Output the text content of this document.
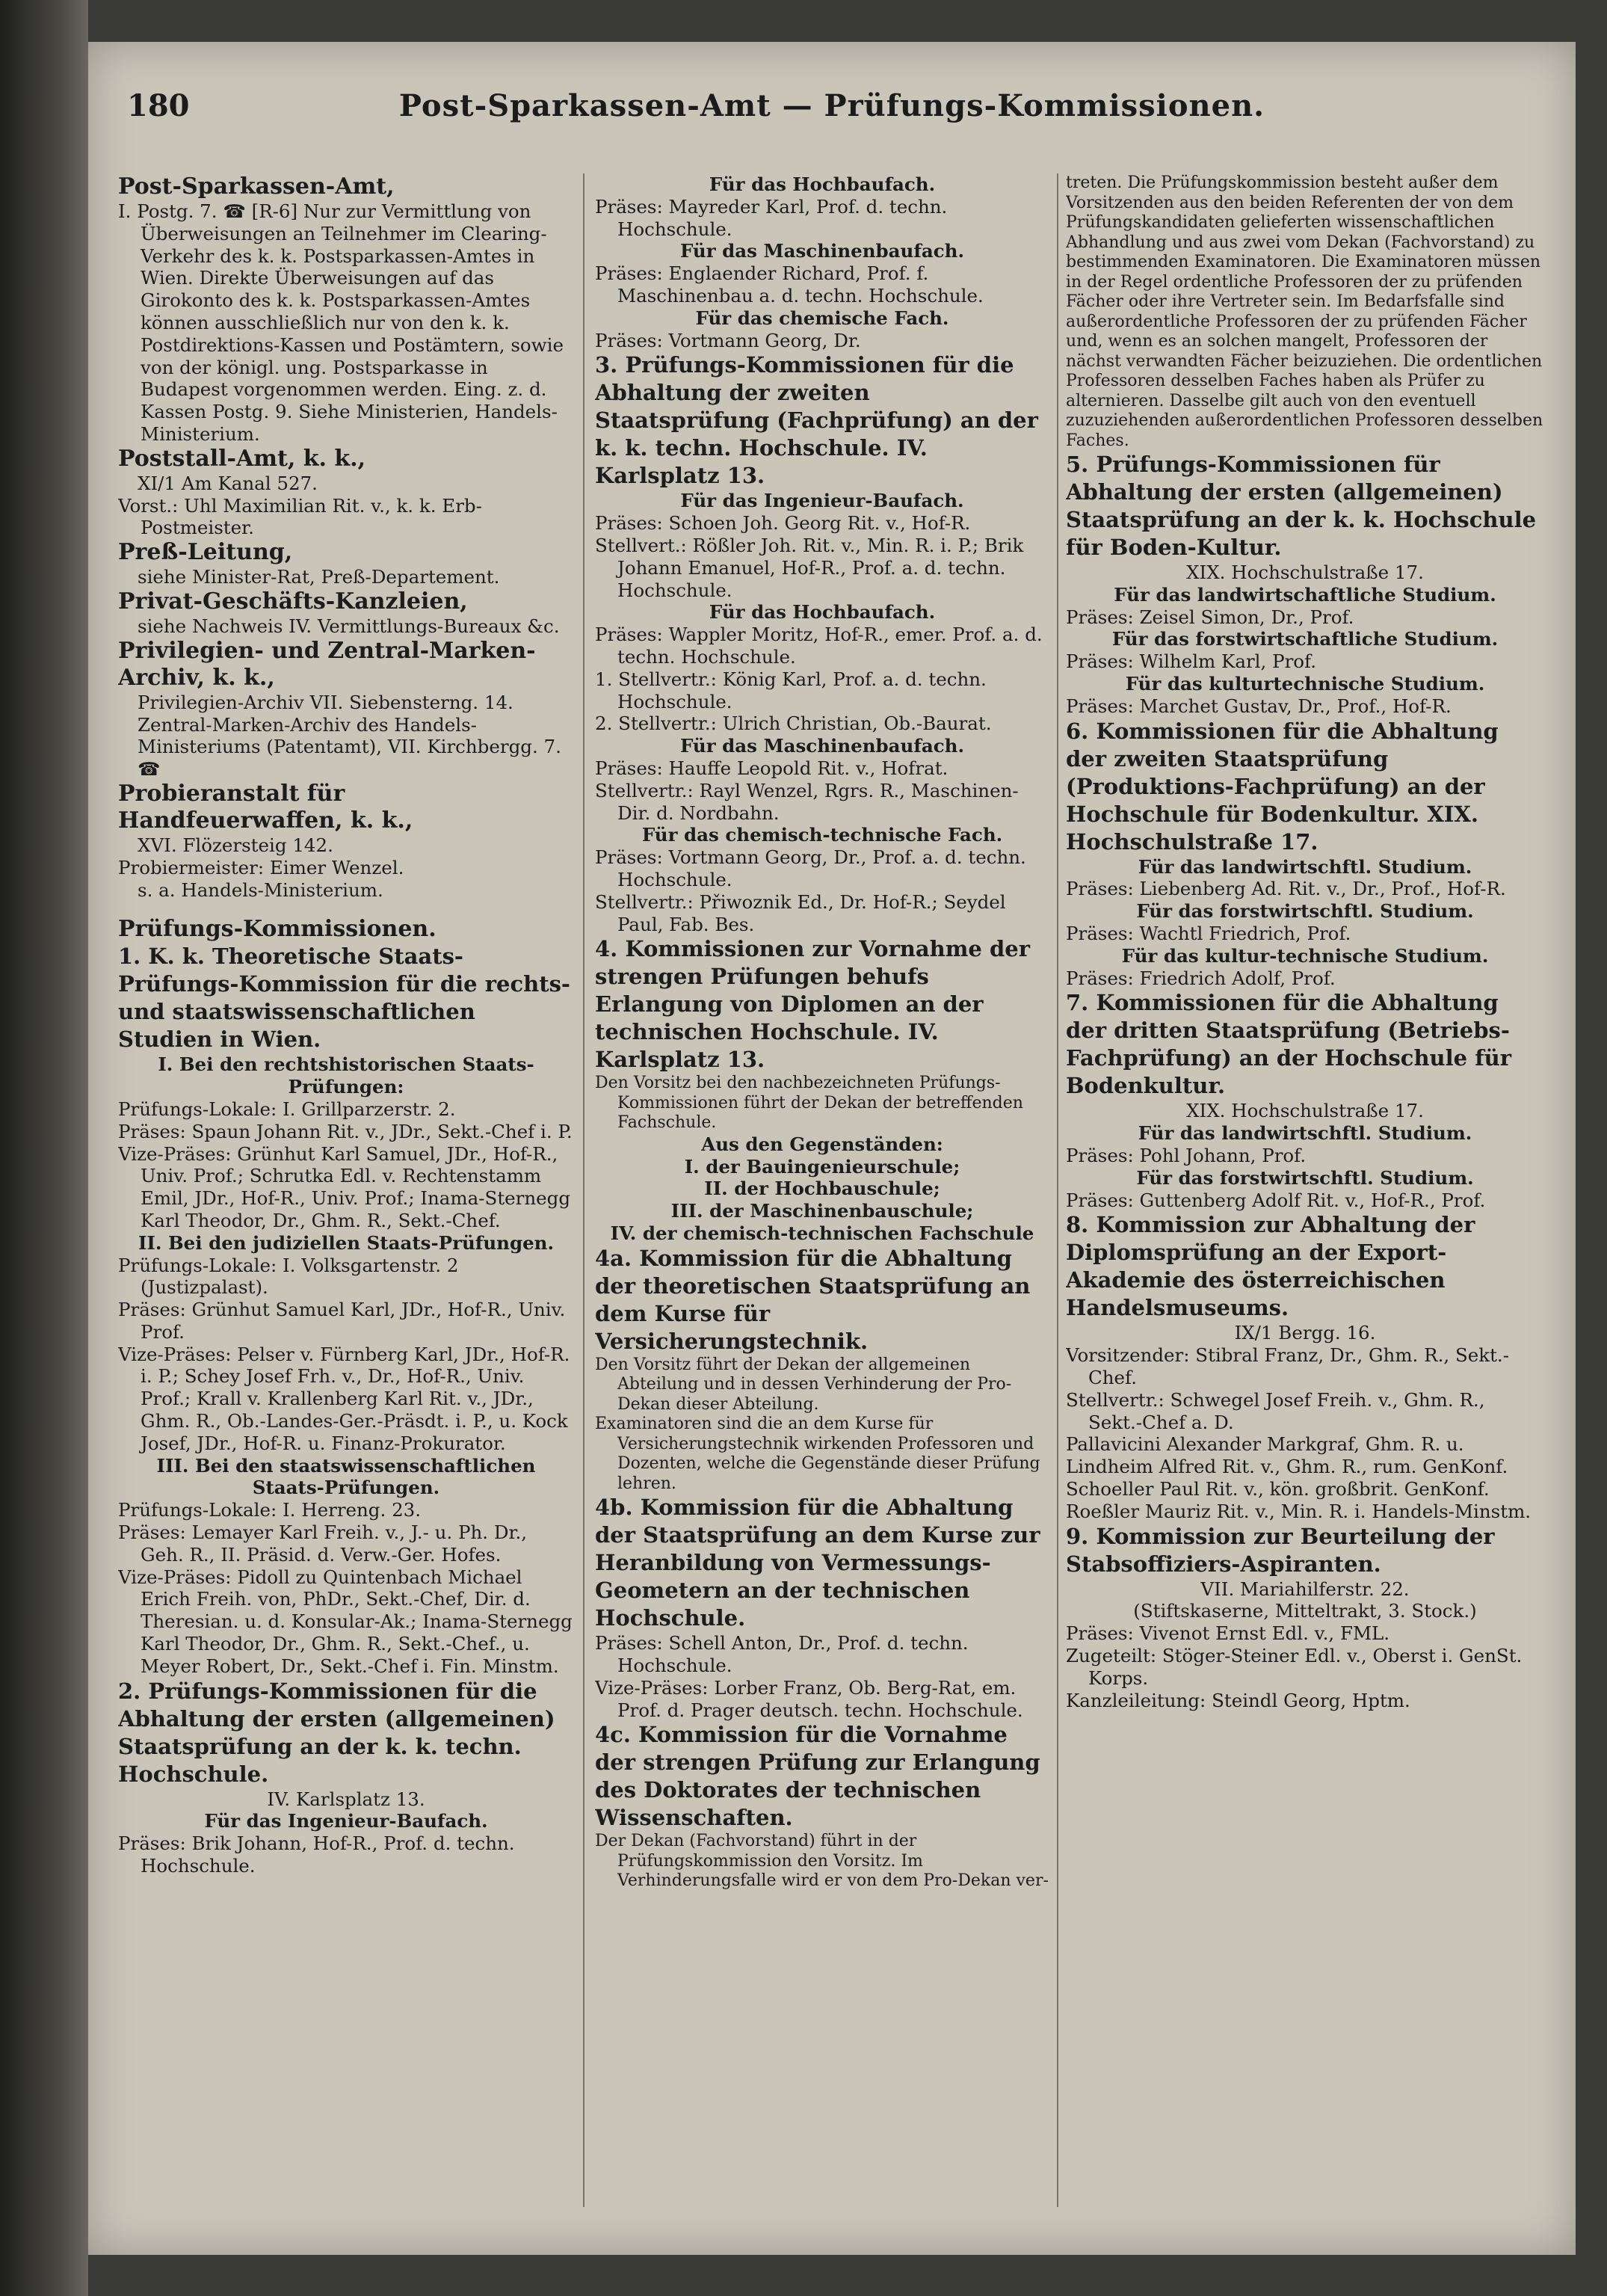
180	Post-Sparkassen-Amt — Prüfungs-Kommissionen.

Post-Sparkassen-Amt,

I. Postg. 7. ☎ [R-6] Nur zur Vermittlung von Überweisungen an Teilnehmer im Clearing-Verkehr des k. k. Postsparkassen-Amtes in Wien. Direkte Überweisungen auf das Girokonto des k. k. Postsparkassen-Amtes können ausschließlich nur von den k. k. Postdirektions-Kassen und Postämtern, sowie von der königl. ung. Postsparkasse in Budapest vorgenommen werden. Eing. z. d. Kassen Postg. 9. Siehe Ministerien, Handels-Ministerium.

Poststall-Amt, k. k.,

XI/1 Am Kanal 527.

Vorst.: Uhl Maximilian Rit. v., k. k. Erb-Postmeister.

Preß-Leitung,

siehe Minister-Rat, Preß-Departement.

Privat-Geschäfts-Kanzleien,

siehe Nachweis IV. Vermittlungs-Bureaux &c.

Privilegien- und Zentral-Marken-Archiv, k. k.,

Privilegien-Archiv VII. Siebensterng. 14.

Zentral-Marken-Archiv des Handels-Ministeriums (Patentamt), VII. Kirchbergg. 7. ☎

Probieranstalt für Handfeuerwaffen, k. k.,

XVI. Flözersteig 142.

Probiermeister: Eimer Wenzel.

s. a. Handels-Ministerium.

Prüfungs-Kommissionen.

1. K. k. Theoretische Staats-Prüfungs-Kommission für die rechts- und staatswissenschaftlichen Studien in Wien.

I. Bei den rechtshistorischen Staats-Prüfungen:

Prüfungs-Lokale: I. Grillparzerstr. 2.

Präses: Spaun Johann Rit. v., JDr., Sekt.-Chef i. P.

Vize-Präses: Grünhut Karl Samuel, JDr., Hof-R., Univ. Prof.; Schrutka Edl. v. Rechtenstamm Emil, JDr., Hof-R., Univ. Prof.; Inama-Sternegg Karl Theodor, Dr., Ghm. R., Sekt.-Chef.

II. Bei den judiziellen Staats-Prüfungen.

Prüfungs-Lokale: I. Volksgartenstr. 2 (Justizpalast).

Präses: Grünhut Samuel Karl, JDr., Hof-R., Univ. Prof.

Vize-Präses: Pelser v. Fürnberg Karl, JDr., Hof-R. i. P.; Schey Josef Frh. v., Dr., Hof-R., Univ. Prof.; Krall v. Krallenberg Karl Rit. v., JDr., Ghm. R., Ob.-Landes-Ger.-Präsdt. i. P., u. Kock Josef, JDr., Hof-R. u. Finanz-Prokurator.

III. Bei den staatswissenschaftlichen Staats-Prüfungen.

Prüfungs-Lokale: I. Herreng. 23.

Präses: Lemayer Karl Freih. v., J.- u. Ph. Dr., Geh. R., II. Präsid. d. Verw.-Ger. Hofes.

Vize-Präses: Pidoll zu Quintenbach Michael Erich Freih. von, PhDr., Sekt.-Chef, Dir. d. Theresian. u. d. Konsular-Ak.; Inama-Sternegg Karl Theodor, Dr., Ghm. R., Sekt.-Chef., u. Meyer Robert, Dr., Sekt.-Chef i. Fin. Minstm.

2. Prüfungs-Kommissionen für die Abhaltung der ersten (allgemeinen) Staatsprüfung an der k. k. techn. Hochschule.

IV. Karlsplatz 13.

Für das Ingenieur-Baufach.

Präses: Brik Johann, Hof-R., Prof. d. techn. Hochschule.

Für das Hochbaufach.

Präses: Mayreder Karl, Prof. d. techn. Hochschule.

Für das Maschinenbaufach.

Präses: Englaender Richard, Prof. f. Maschinenbau a. d. techn. Hochschule.

Für das chemische Fach.

Präses: Vortmann Georg, Dr.

3. Prüfungs-Kommissionen für die Abhaltung der zweiten Staatsprüfung (Fachprüfung) an der k. k. techn. Hochschule. IV. Karlsplatz 13.

Für das Ingenieur-Baufach.

Präses: Schoen Joh. Georg Rit. v., Hof-R.

Stellvert.: Rößler Joh. Rit. v., Min. R. i. P.; Brik Johann Emanuel, Hof-R., Prof. a. d. techn. Hochschule.

Für das Hochbaufach.

Präses: Wappler Moritz, Hof-R., emer. Prof. a. d. techn. Hochschule.

1. Stellvertr.: König Karl, Prof. a. d. techn. Hochschule.

2. Stellvertr.: Ulrich Christian, Ob.-Baurat.

Für das Maschinenbaufach.

Präses: Hauffe Leopold Rit. v., Hofrat.

Stellvertr.: Rayl Wenzel, Rgrs. R., Maschinen-Dir. d. Nordbahn.

Für das chemisch-technische Fach.

Präses: Vortmann Georg, Dr., Prof. a. d. techn. Hochschule.

Stellvertr.: Přiwoznik Ed., Dr. Hof-R.; Seydel Paul, Fab. Bes.

4. Kommissionen zur Vornahme der strengen Prüfungen behufs Erlangung von Diplomen an der technischen Hochschule. IV. Karlsplatz 13.

Den Vorsitz bei den nachbezeichneten Prüfungs-Kommissionen führt der Dekan der betreffenden Fachschule.

Aus den Gegenständen:

I. der Bauingenieurschule;

II. der Hochbauschule;

III. der Maschinenbauschule;

IV. der chemisch-technischen Fachschule

4a. Kommission für die Abhaltung der theoretischen Staatsprüfung an dem Kurse für Versicherungstechnik.

Den Vorsitz führt der Dekan der allgemeinen Abteilung und in dessen Verhinderung der Pro-Dekan dieser Abteilung.

Examinatoren sind die an dem Kurse für Versicherungstechnik wirkenden Professoren und Dozenten, welche die Gegenstände dieser Prüfung lehren.

4b. Kommission für die Abhaltung der Staatsprüfung an dem Kurse zur Heranbildung von Vermessungs-Geometern an der technischen Hochschule.

Präses: Schell Anton, Dr., Prof. d. techn. Hochschule.

Vize-Präses: Lorber Franz, Ob. Berg-Rat, em. Prof. d. Prager deutsch. techn. Hochschule.

4c. Kommission für die Vornahme der strengen Prüfung zur Erlangung des Doktorates der technischen Wissenschaften.

Der Dekan (Fachvorstand) führt in der Prüfungskommission den Vorsitz. Im Verhinderungsfalle wird er von dem Pro-Dekan ver-

treten. Die Prüfungskommission besteht außer dem Vorsitzenden aus den beiden Referenten der von dem Prüfungskandidaten gelieferten wissenschaftlichen Abhandlung und aus zwei vom Dekan (Fachvorstand) zu bestimmenden Examinatoren. Die Examinatoren müssen in der Regel ordentliche Professoren der zu prüfenden Fächer oder ihre Vertreter sein. Im Bedarfsfalle sind außerordentliche Professoren der zu prüfenden Fächer und, wenn es an solchen mangelt, Professoren der nächst verwandten Fächer beizuziehen. Die ordentlichen Professoren desselben Faches haben als Prüfer zu alternieren. Dasselbe gilt auch von den eventuell zuzuziehenden außerordentlichen Professoren desselben Faches.

5. Prüfungs-Kommissionen für Abhaltung der ersten (allgemeinen) Staatsprüfung an der k. k. Hochschule für Boden-Kultur.

XIX. Hochschulstraße 17.

Für das landwirtschaftliche Studium.

Präses: Zeisel Simon, Dr., Prof.

Für das forstwirtschaftliche Studium.

Präses: Wilhelm Karl, Prof.

Für das kulturtechnische Studium.

Präses: Marchet Gustav, Dr., Prof., Hof-R.

6. Kommissionen für die Abhaltung der zweiten Staatsprüfung (Produktions-Fachprüfung) an der Hochschule für Bodenkultur. XIX. Hochschulstraße 17.

Für das landwirtschftl. Studium.

Präses: Liebenberg Ad. Rit. v., Dr., Prof., Hof-R.

Für das forstwirtschftl. Studium.

Präses: Wachtl Friedrich, Prof.

Für das kultur-technische Studium.

Präses: Friedrich Adolf, Prof.

7. Kommissionen für die Abhaltung der dritten Staatsprüfung (Betriebs-Fachprüfung) an der Hochschule für Bodenkultur.

XIX. Hochschulstraße 17.

Für das landwirtschftl. Studium.

Präses: Pohl Johann, Prof.

Für das forstwirtschftl. Studium.

Präses: Guttenberg Adolf Rit. v., Hof-R., Prof.

8. Kommission zur Abhaltung der Diplomsprüfung an der Export-Akademie des österreichischen Handelsmuseums.

IX/1 Bergg. 16.

Vorsitzender: Stibral Franz, Dr., Ghm. R., Sekt.-Chef.

Stellvertr.: Schwegel Josef Freih. v., Ghm. R., Sekt.-Chef a. D.

Pallavicini Alexander Markgraf, Ghm. R. u.

Lindheim Alfred Rit. v., Ghm. R., rum. GenKonf.

Schoeller Paul Rit. v., kön. großbrit. GenKonf.

Roeßler Mauriz Rit. v., Min. R. i. Handels-Minstm.

9. Kommission zur Beurteilung der Stabsoffiziers-Aspiranten.

VII. Mariahilferstr. 22.

(Stiftskaserne, Mitteltrakt, 3. Stock.)

Präses: Vivenot Ernst Edl. v., FML.

Zugeteilt: Stöger-Steiner Edl. v., Oberst i. GenSt. Korps.

Kanzleileitung: Steindl Georg, Hptm.
